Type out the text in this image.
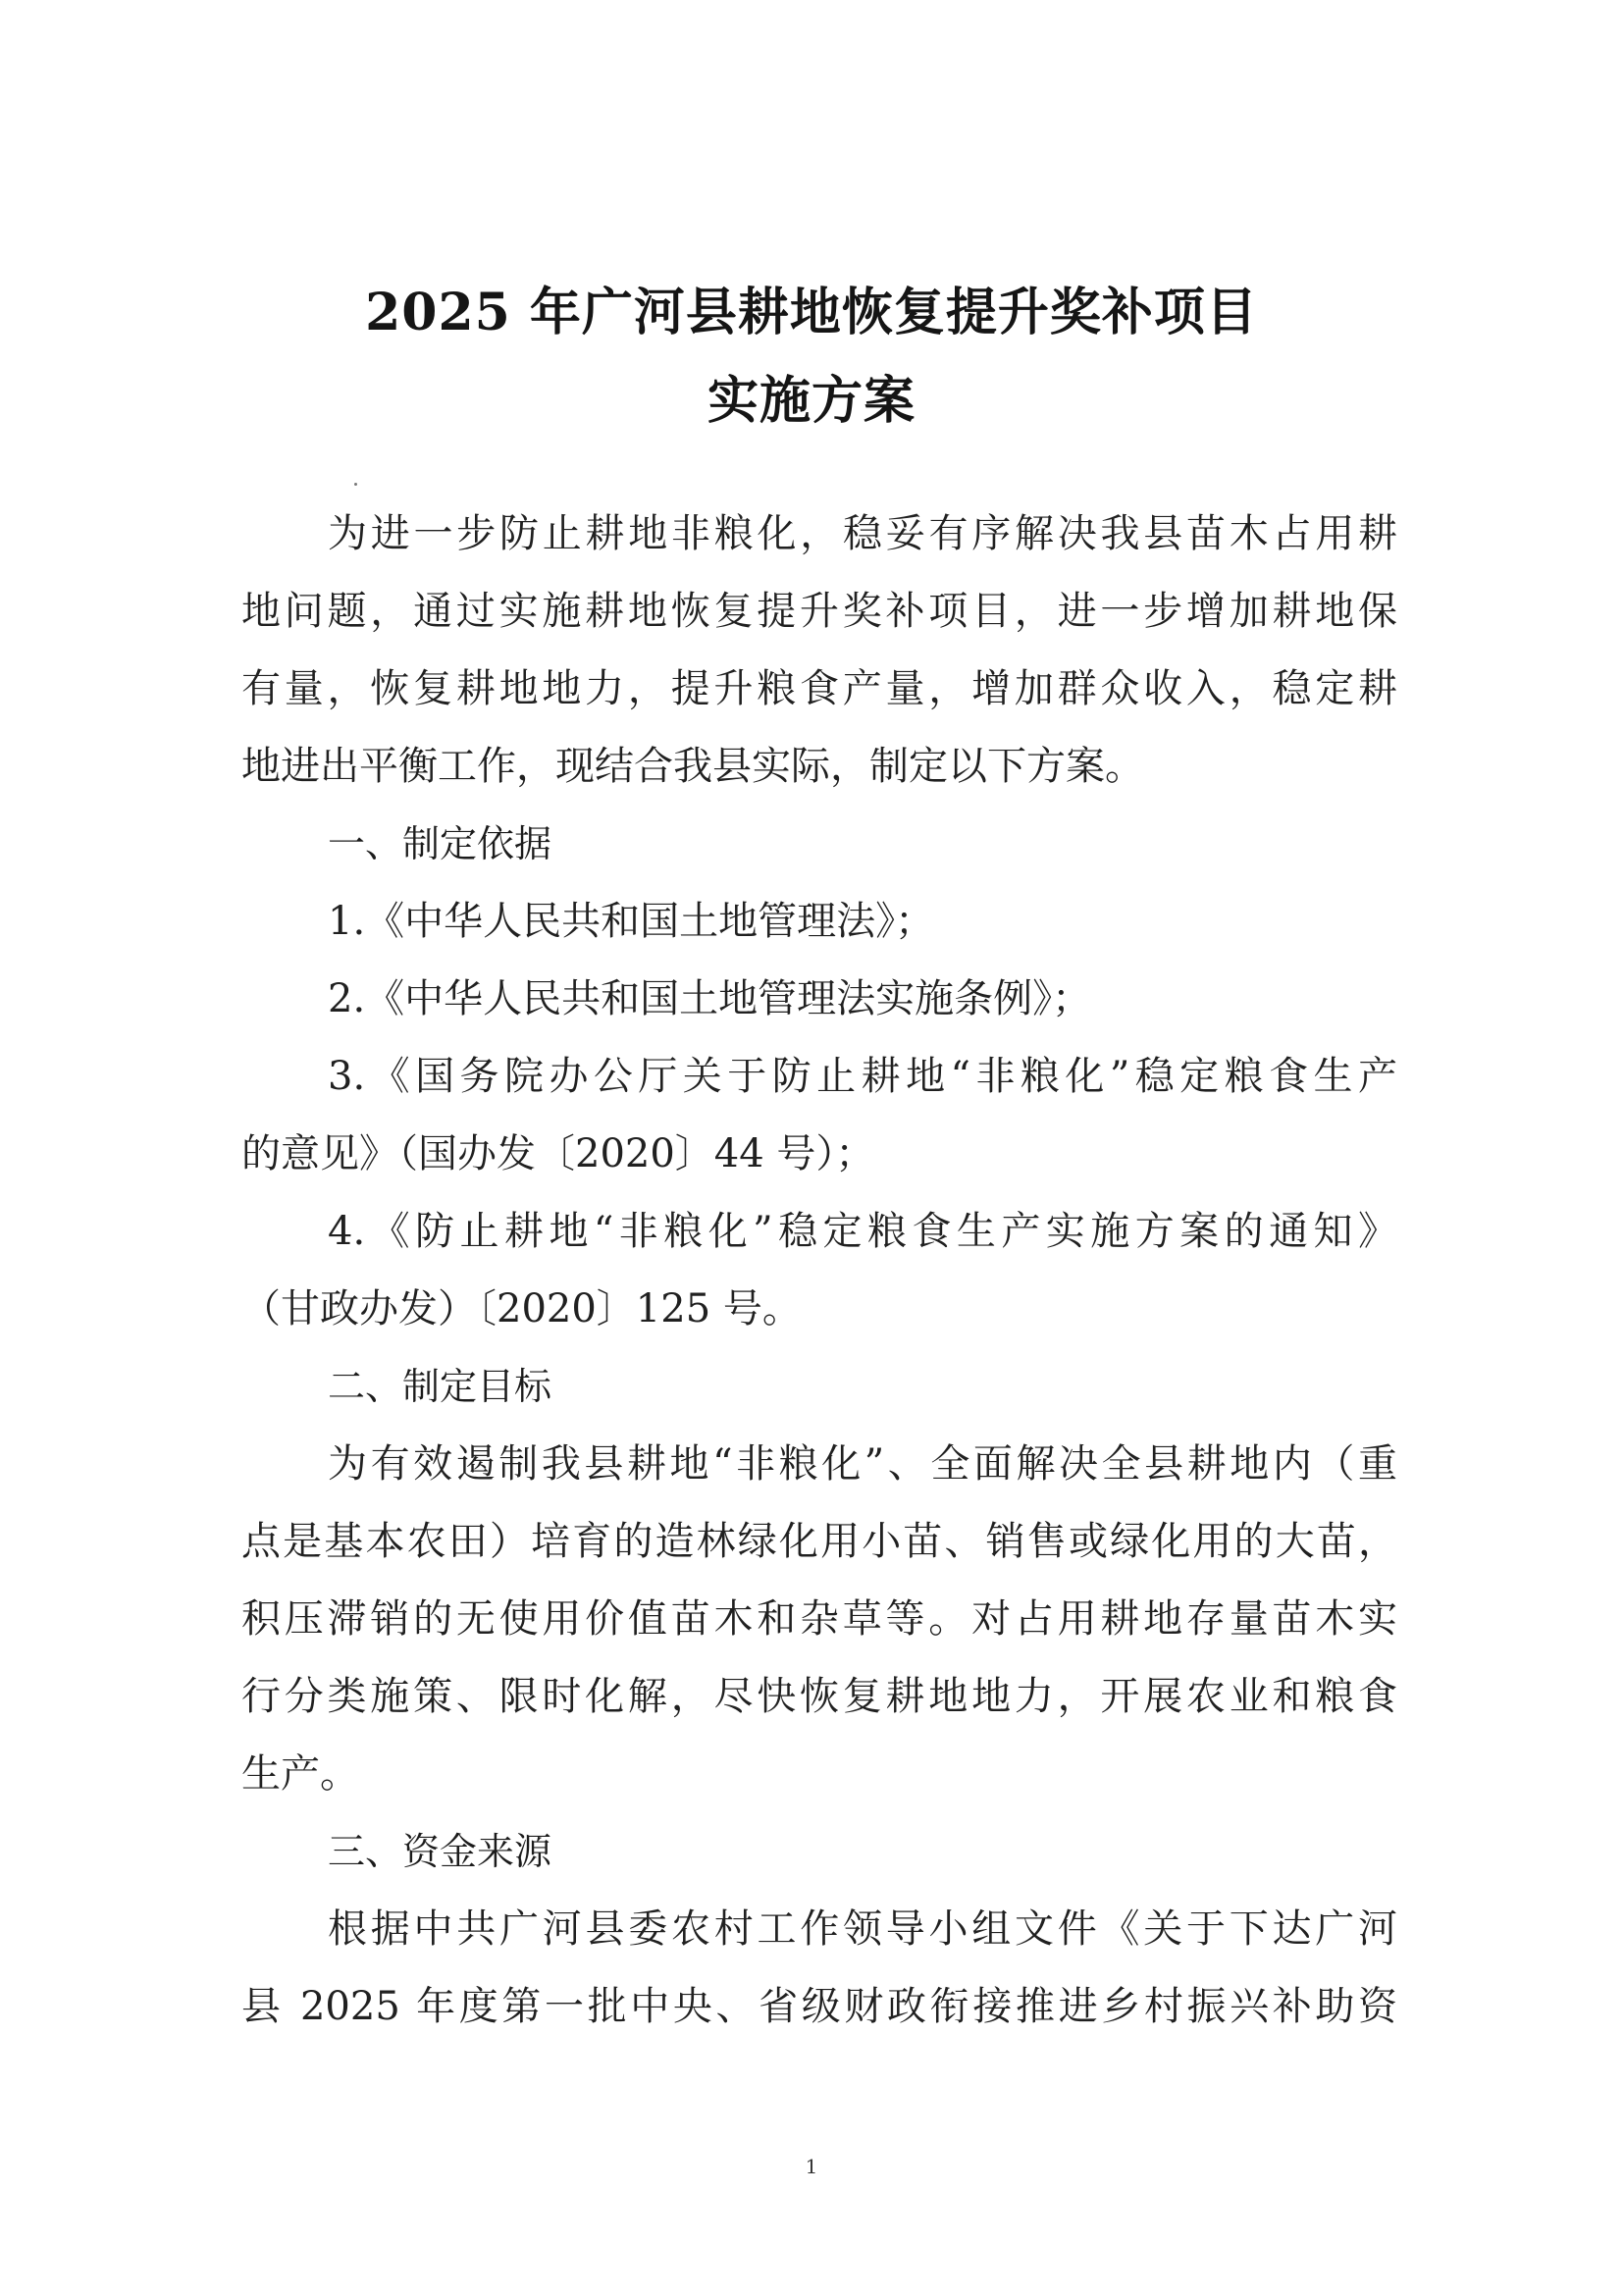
2025 年广河县耕地恢复提升奖补项目
实施方案
为进一步防止耕地非粮化，稳妥有序解决我县苗木占用耕
地问题，通过实施耕地恢复提升奖补项目，进一步增加耕地保
有量，恢复耕地地力，提升粮食产量，增加群众收入，稳定耕
地进出平衡工作，现结合我县实际，制定以下方案。
一、制定依据
1.《中华人民共和国土地管理法》；
2.《中华人民共和国土地管理法实施条例》；
3.《国务院办公厅关于防止耕地“非粮化”稳定粮食生产
的意见》（国办发〔2020〕44 号）；
4.《防止耕地“非粮化”稳定粮食生产实施方案的通知》
（甘政办发）〔2020〕125 号。
二、制定目标
为有效遏制我县耕地“非粮化”、全面解决全县耕地内（重
点是基本农田）培育的造林绿化用小苗、销售或绿化用的大苗，
积压滞销的无使用价值苗木和杂草等。对占用耕地存量苗木实
行分类施策、限时化解，尽快恢复耕地地力，开展农业和粮食
生产。
三、资金来源
根据中共广河县委农村工作领导小组文件《关于下达广河
县 2025 年度第一批中央、省级财政衔接推进乡村振兴补助资
1
